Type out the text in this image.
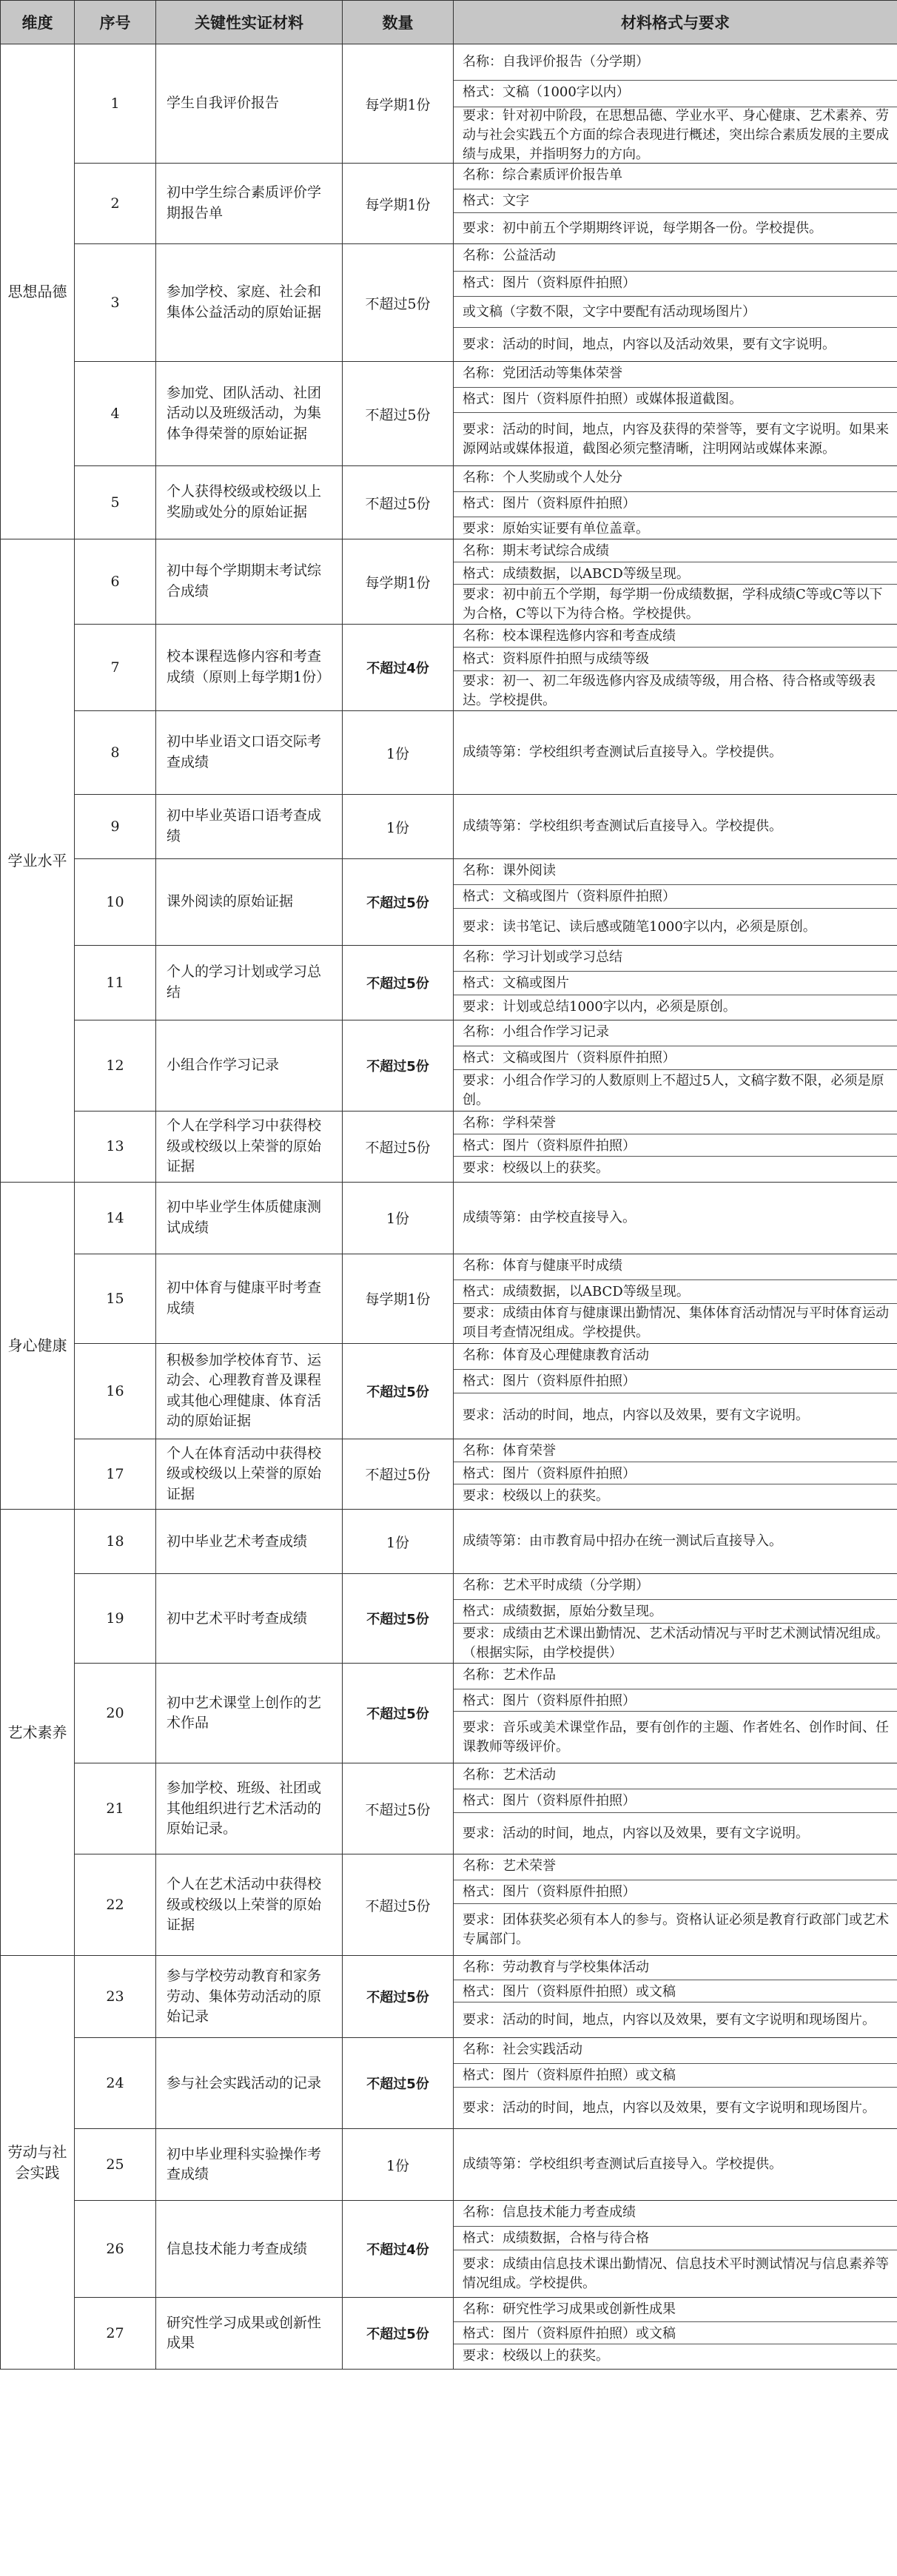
维度	序号	关键性实证材料	数量	材料格式与要求
思想品德	1	学生自我评价报告	每学期1份	名称：自我评价报告（分学期）
格式：文稿（1000字以内）
要求：针对初中阶段，在思想品德、学业水平、身心健康、艺术素养、劳动与社会实践五个方面的综合表现进行概述，突出综合素质发展的主要成绩与成果，并指明努力的方向。

	2	初中学生综合素质评价学期报告单	每学期1份	名称：综合素质评价报告单
格式：文字
要求：初中前五个学期期终评说，每学期各一份。学校提供。

	3	参加学校、家庭、社会和集体公益活动的原始证据	不超过5份	名称：公益活动
格式：图片（资料原件拍照）
或文稿（字数不限，文字中要配有活动现场图片）
要求：活动的时间，地点，内容以及活动效果，要有文字说明。

	4	参加党、团队活动、社团活动以及班级活动，为集体争得荣誉的原始证据	不超过5份	名称：党团活动等集体荣誉
格式：图片（资料原件拍照）或媒体报道截图。
要求：活动的时间，地点，内容及获得的荣誉等，要有文字说明。如果来源网站或媒体报道，截图必须完整清晰，注明网站或媒体来源。

	5	个人获得校级或校级以上奖励或处分的原始证据	不超过5份	名称：个人奖励或个人处分
格式：图片（资料原件拍照）
要求：原始实证要有单位盖章。

学业水平	6	初中每个学期期末考试综合成绩	每学期1份	名称：期末考试综合成绩
格式：成绩数据，以ABCD等级呈现。
要求：初中前五个学期，每学期一份成绩数据，学科成绩C等或C等以下为合格，C等以下为待合格。学校提供。

	7	校本课程选修内容和考查成绩（原则上每学期1份）	不超过4份	名称：校本课程选修内容和考查成绩
格式：资料原件拍照与成绩等级
要求：初一、初二年级选修内容及成绩等级，用合格、待合格或等级表达。学校提供。

	8	初中毕业语文口语交际考查成绩	1份	成绩等第：学校组织考查测试后直接导入。学校提供。

	9	初中毕业英语口语考查成绩	1份	成绩等第：学校组织考查测试后直接导入。学校提供。

	10	课外阅读的原始证据	不超过5份	名称：课外阅读
格式：文稿或图片（资料原件拍照）
要求：读书笔记、读后感或随笔1000字以内，必须是原创。

	11	个人的学习计划或学习总结	不超过5份	名称：学习计划或学习总结
格式：文稿或图片
要求：计划或总结1000字以内，必须是原创。

	12	小组合作学习记录	不超过5份	名称：小组合作学习记录
格式：文稿或图片（资料原件拍照）
要求：小组合作学习的人数原则上不超过5人，文稿字数不限，必须是原创。

	13	个人在学科学习中获得校级或校级以上荣誉的原始证据	不超过5份	名称：学科荣誉
格式：图片（资料原件拍照）
要求：校级以上的获奖。

身心健康	14	初中毕业学生体质健康测试成绩	1份	成绩等第：由学校直接导入。

	15	初中体育与健康平时考查成绩	每学期1份	名称：体育与健康平时成绩
格式：成绩数据，以ABCD等级呈现。
要求：成绩由体育与健康课出勤情况、集体体育活动情况与平时体育运动项目考查情况组成。学校提供。

	16	积极参加学校体育节、运动会、心理教育普及课程或其他心理健康、体育活动的原始证据	不超过5份	名称：体育及心理健康教育活动
格式：图片（资料原件拍照）
要求：活动的时间，地点，内容以及效果，要有文字说明。

	17	个人在体育活动中获得校级或校级以上荣誉的原始证据	不超过5份	名称：体育荣誉
格式：图片（资料原件拍照）
要求：校级以上的获奖。

艺术素养	18	初中毕业艺术考查成绩	1份	成绩等第：由市教育局中招办在统一测试后直接导入。

	19	初中艺术平时考查成绩	不超过5份	名称：艺术平时成绩（分学期）
格式：成绩数据，原始分数呈现。
要求：成绩由艺术课出勤情况、艺术活动情况与平时艺术测试情况组成。（根据实际，由学校提供）

	20	初中艺术课堂上创作的艺术作品	不超过5份	名称：艺术作品
格式：图片（资料原件拍照）
要求：音乐或美术课堂作品，要有创作的主题、作者姓名、创作时间、任课教师等级评价。

	21	参加学校、班级、社团或其他组织进行艺术活动的原始记录。	不超过5份	名称：艺术活动
格式：图片（资料原件拍照）
要求：活动的时间，地点，内容以及效果，要有文字说明。

	22	个人在艺术活动中获得校级或校级以上荣誉的原始证据	不超过5份	名称：艺术荣誉
格式：图片（资料原件拍照）
要求：团体获奖必须有本人的参与。资格认证必须是教育行政部门或艺术专属部门。

劳动与社会实践	23	参与学校劳动教育和家务劳动、集体劳动活动的原始记录	不超过5份	名称：劳动教育与学校集体活动
格式：图片（资料原件拍照）或文稿
要求：活动的时间，地点，内容以及效果，要有文字说明和现场图片。

	24	参与社会实践活动的记录	不超过5份	名称：社会实践活动
格式：图片（资料原件拍照）或文稿
要求：活动的时间，地点，内容以及效果，要有文字说明和现场图片。

	25	初中毕业理科实验操作考查成绩	1份	成绩等第：学校组织考查测试后直接导入。学校提供。

	26	信息技术能力考查成绩	不超过4份	名称：信息技术能力考查成绩
格式：成绩数据，合格与待合格
要求：成绩由信息技术课出勤情况、信息技术平时测试情况与信息素养等情况组成。学校提供。

	27	研究性学习成果或创新性成果	不超过5份	名称：研究性学习成果或创新性成果
格式：图片（资料原件拍照）或文稿
要求：校级以上的获奖。
